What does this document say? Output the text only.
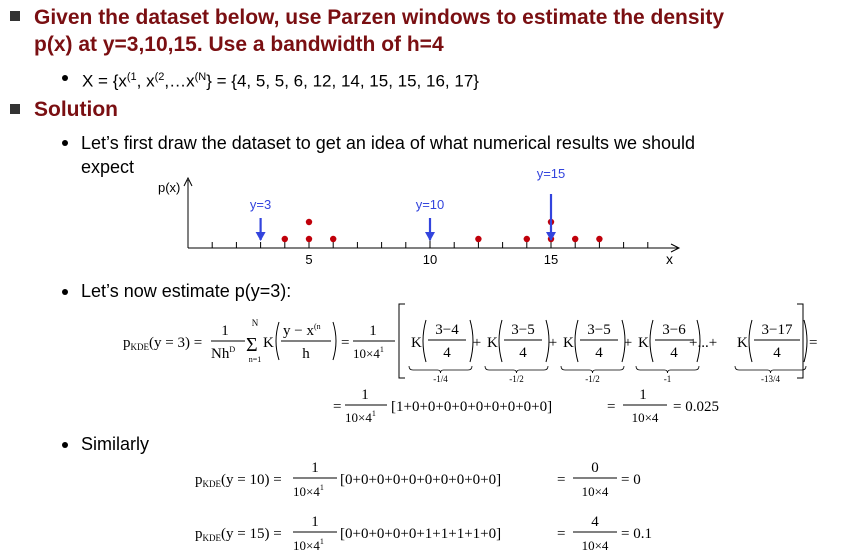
Given the dataset below, use Parzen windows to estimate the density
p(x) at y=3,10,15. Use a bandwidth of h=4
$X = \{x^{(1}$, $x^{(2},\dots x^{(N}\} = \{4$, 5, 5, 6, 12, 14, 15, 15, 16, 17}
Solution
Let’s first draw the dataset to get an idea of what numerical results we should
expect
p(x)
x
5	10	15
y=3	y=10
y=15
Let’s now estimate p(y=3):
$p_{KDE}(y = 3)$ =
1
$Nh^D$
N
Σ
n=1
K
$y - x^{(n}$
h
=
1
$10\times 4^1$	=
K
3−4
4
-1/4
+ K
3−5
4
-1/2
+ K
3−5
4
-1/2
+ K
3−6
4
-1
K
3−17
4
-13/4
+...+
=
1
$10\times 4^1$ [1+0+0+0+0+0+0+0+0+0]	=
1
10×4
= 0.025
Similarly
$p_{KDE}(y = 10)$ =
1
$10\times 4^1$ [0+0+0+0+0+0+0+0+0+0]	=
0
10×4
= 0
$p_{KDE}(y = 15)$ =
1
$10\times 4^1$ [0+0+0+0+0+1+1+1+1+0]	=
4
10×4
= 0.1
